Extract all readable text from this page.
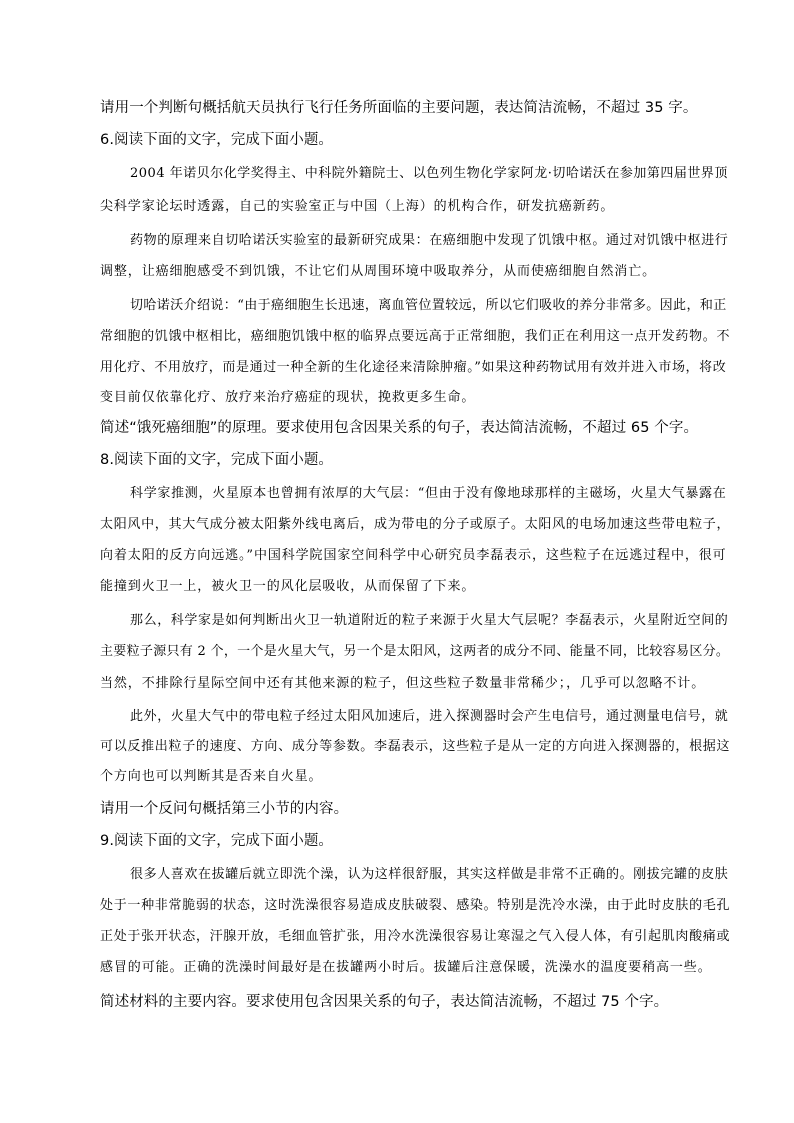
请用一个判断句概括航天员执行飞行任务所面临的主要问题，表达简洁流畅，不超过 35 字。
6.阅读下面的文字，完成下面小题。
2004 年诺贝尔化学奖得主、中科院外籍院士、以色列生物化学家阿龙·切哈诺沃在参加第四届世界顶
尖科学家论坛时透露，自己的实验室正与中国（上海）的机构合作，研发抗癌新药。
药物的原理来自切哈诺沃实验室的最新研究成果：在癌细胞中发现了饥饿中枢。通过对饥饿中枢进行
调整，让癌细胞感受不到饥饿，不让它们从周围环境中吸取养分，从而使癌细胞自然消亡。
切哈诺沃介绍说：“由于癌细胞生长迅速，离血管位置较远，所以它们吸收的养分非常多。因此，和正
常细胞的饥饿中枢相比，癌细胞饥饿中枢的临界点要远高于正常细胞，我们正在利用这一点开发药物。不
用化疗、不用放疗，而是通过一种全新的生化途径来清除肿瘤。”如果这种药物试用有效并进入市场，将改
变目前仅依靠化疗、放疗来治疗癌症的现状，挽救更多生命。
简述“饿死癌细胞”的原理。要求使用包含因果关系的句子，表达简洁流畅，不超过 65 个字。
8.阅读下面的文字，完成下面小题。
科学家推测，火星原本也曾拥有浓厚的大气层：“但由于没有像地球那样的主磁场，火星大气暴露在
太阳风中，其大气成分被太阳紫外线电离后，成为带电的分子或原子。太阳风的电场加速这些带电粒子，
向着太阳的反方向远逃。”中国科学院国家空间科学中心研究员李磊表示，这些粒子在远逃过程中，很可
能撞到火卫一上，被火卫一的风化层吸收，从而保留了下来。
那么，科学家是如何判断出火卫一轨道附近的粒子来源于火星大气层呢？李磊表示，火星附近空间的
主要粒子源只有 2 个，一个是火星大气，另一个是太阳风，这两者的成分不同、能量不同，比较容易区分。
当然，不排除行星际空间中还有其他来源的粒子，但这些粒子数量非常稀少；，几乎可以忽略不计。
此外，火星大气中的带电粒子经过太阳风加速后，进入探测器时会产生电信号，通过测量电信号，就
可以反推出粒子的速度、方向、成分等参数。李磊表示，这些粒子是从一定的方向进入探测器的，根据这
个方向也可以判断其是否来自火星。
请用一个反问句概括第三小节的内容。
9.阅读下面的文字，完成下面小题。
很多人喜欢在拔罐后就立即洗个澡，认为这样很舒服，其实这样做是非常不正确的。刚拔完罐的皮肤
处于一种非常脆弱的状态，这时洗澡很容易造成皮肤破裂、感染。特别是洗冷水澡，由于此时皮肤的毛孔
正处于张开状态，汗腺开放，毛细血管扩张，用冷水洗澡很容易让寒湿之气入侵人体，有引起肌肉酸痛或
感冒的可能。正确的洗澡时间最好是在拔罐两小时后。拔罐后注意保暖，洗澡水的温度要稍高一些。
简述材料的主要内容。要求使用包含因果关系的句子，表达简洁流畅，不超过 75 个字。
